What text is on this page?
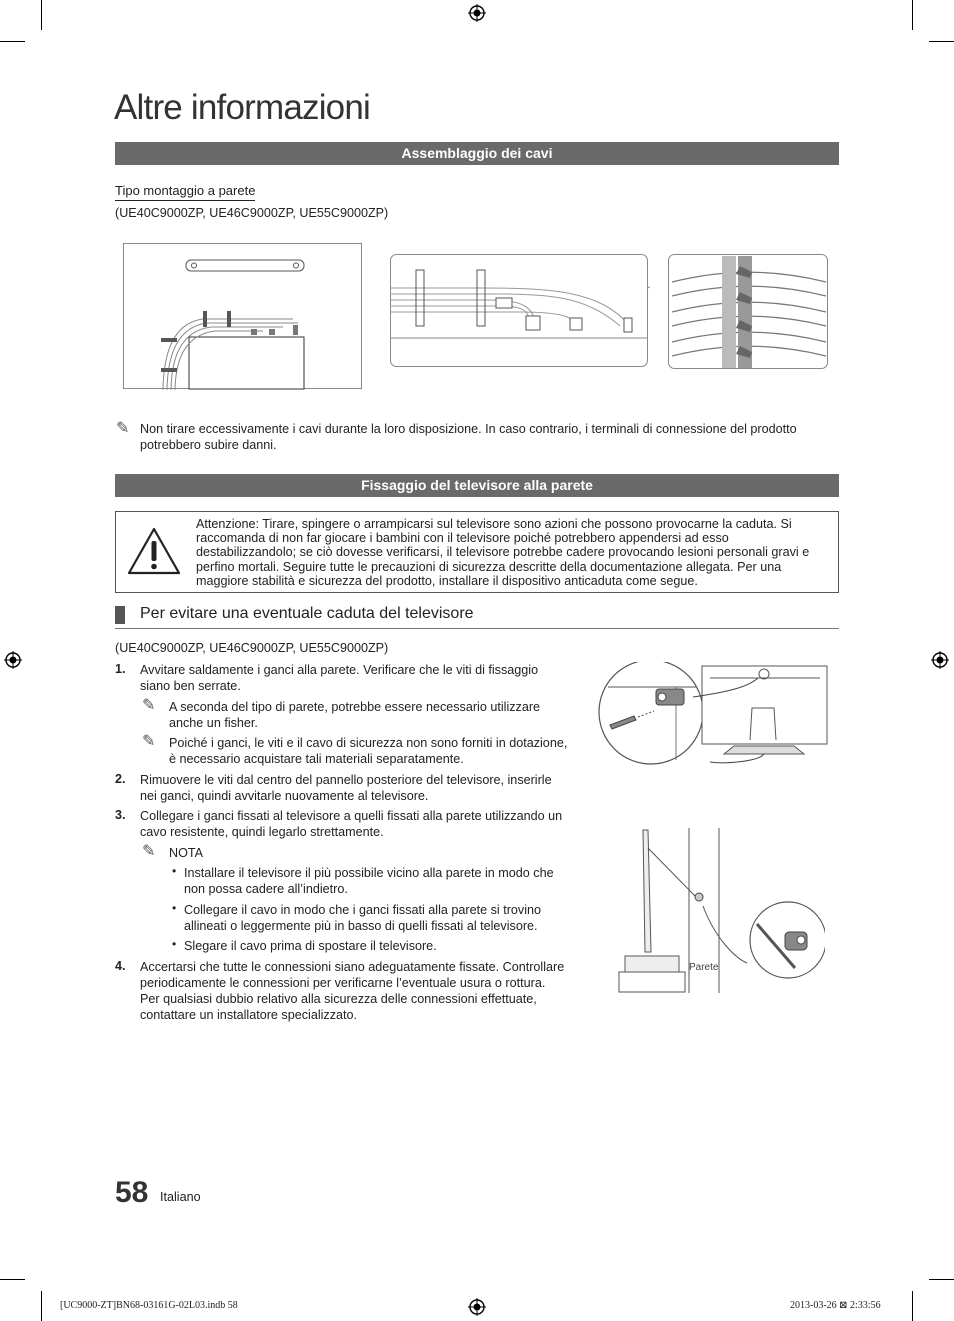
Altre informazioni
Assemblaggio dei cavi
Tipo montaggio a parete
(UE40C9000ZP, UE46C9000ZP, UE55C9000ZP)
✎ Non tirare eccessivamente i cavi durante la loro disposizione. In caso contrario, i terminali di connessione del prodotto potrebbero subire danni.
Fissaggio del televisore alla parete
Attenzione: Tirare, spingere o arrampicarsi sul televisore sono azioni che possono provocarne la caduta. Si raccomanda di non far giocare i bambini con il televisore poiché potrebbero appendersi ad esso destabilizzandolo; se ciò dovesse verificarsi, il televisore potrebbe cadere provocando lesioni personali gravi e perfino mortali. Seguire tutte le precauzioni di sicurezza descritte della documentazione allegata. Per una maggiore stabilità e sicurezza del prodotto, installare il dispositivo anticaduta come segue.
Per evitare una eventuale caduta del televisore
(UE40C9000ZP, UE46C9000ZP, UE55C9000ZP)
1. Avvitare saldamente i ganci alla parete. Verificare che le viti di fissaggio siano ben serrate.
✎ A seconda del tipo di parete, potrebbe essere necessario utilizzare anche un fisher.
✎ Poiché i ganci, le viti e il cavo di sicurezza non sono forniti in dotazione, è necessario acquistare tali materiali separatamente.
2. Rimuovere le viti dal centro del pannello posteriore del televisore, inserirle nei ganci, quindi avvitarle nuovamente al televisore.
3. Collegare i ganci fissati al televisore a quelli fissati alla parete utilizzando un cavo resistente, quindi legarlo strettamente.
✎ NOTA
• Installare il televisore il più possibile vicino alla parete in modo che non possa cadere all’indietro.
• Collegare il cavo in modo che i ganci fissati alla parete si trovino allineati o leggermente più in basso di quelli fissati al televisore.
• Slegare il cavo prima di spostare il televisore.
4. Accertarsi che tutte le connessioni siano adeguatamente fissate. Controllare periodicamente le connessioni per verificarne l’eventuale usura o rottura. Per qualsiasi dubbio relativo alla sicurezza delle connessioni effettuate, contattare un installatore specializzato.
Parete
58 Italiano
[UC9000-ZT]BN68-03161G-02L03.indb 58	2013-03-26 ⊠ 2:33:56
